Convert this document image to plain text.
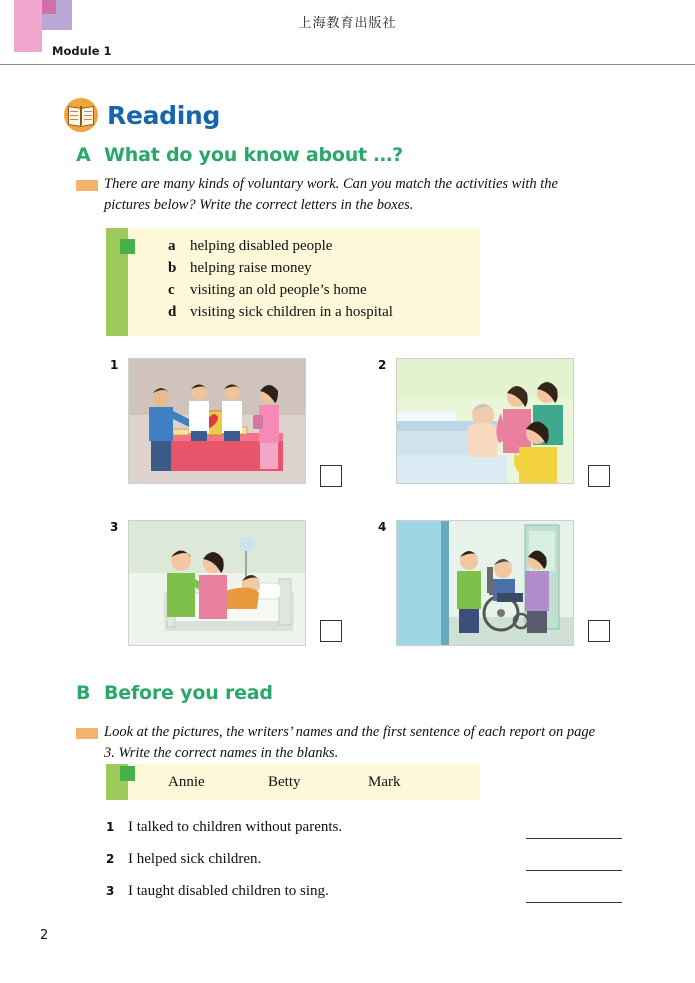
上海教育出版社
Module 1
Reading
A What do you know about …?
There are many kinds of voluntary work. Can you match the activities with the pictures below? Write the correct letters in the boxes.
a helping disabled people
b helping raise money
c	visiting an old people’s home
d visiting sick children in a hospital
1	2
3	4
B Before you read
Look at the pictures, the writers’ names and the first sentence of each report on page 3. Write the correct names in the blanks.
Annie	Betty	Mark
1 I talked to children without parents.
2 I helped sick children.
3 I taught disabled children to sing.
2
